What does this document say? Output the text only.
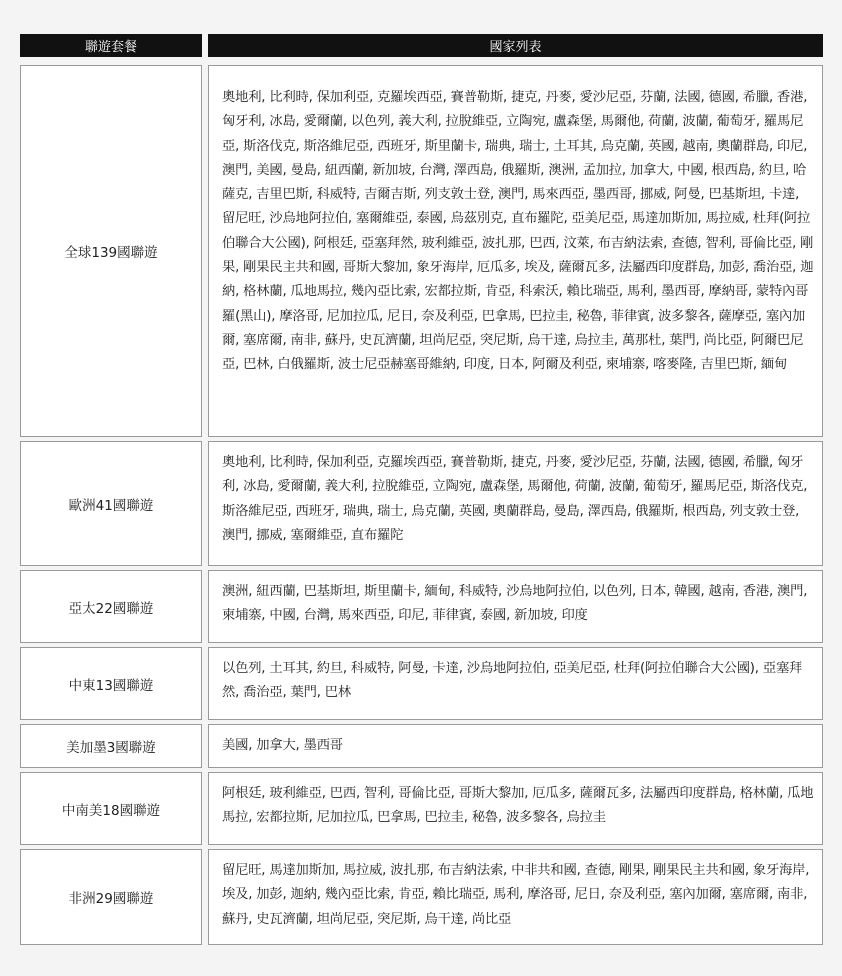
聯遊套餐	國家列表
全球139國聯遊
奧地利, 比利時, 保加利亞, 克羅埃西亞, 賽普勒斯, 捷克, 丹麥, 愛沙尼亞, 芬蘭, 法國, 德國, 希臘, 香港, 匈牙利, 冰島, 愛爾蘭, 以色列, 義大利, 拉脫維亞, 立陶宛, 盧森堡, 馬爾他, 荷蘭, 波蘭, 葡萄牙, 羅馬尼亞, 斯洛伐克, 斯洛維尼亞, 西班牙, 斯里蘭卡, 瑞典, 瑞士, 土耳其, 烏克蘭, 英國, 越南, 奧蘭群島, 印尼, 澳門, 美國, 曼島, 紐西蘭, 新加坡, 台灣, 澤西島, 俄羅斯, 澳洲, 孟加拉, 加拿大, 中國, 根西島, 約旦, 哈薩克, 吉里巴斯, 科威特, 吉爾吉斯, 列支敦士登, 澳門, 馬來西亞, 墨西哥, 挪威, 阿曼, 巴基斯坦, 卡達, 留尼旺, 沙烏地阿拉伯, 塞爾維亞, 泰國, 烏茲別克, 直布羅陀, 亞美尼亞, 馬達加斯加, 馬拉威, 杜拜(阿拉伯聯合大公國), 阿根廷, 亞塞拜然, 玻利維亞, 波扎那, 巴西, 汶萊, 布吉納法索, 查德, 智利, 哥倫比亞, 剛果, 剛果民主共和國, 哥斯大黎加, 象牙海岸, 厄瓜多, 埃及, 薩爾瓦多, 法屬西印度群島, 加彭, 喬治亞, 迦納, 格林蘭, 瓜地馬拉, 幾內亞比索, 宏都拉斯, 肯亞, 科索沃, 賴比瑞亞, 馬利, 墨西哥, 摩納哥, 蒙特內哥羅(黑山), 摩洛哥, 尼加拉瓜, 尼日, 奈及利亞, 巴拿馬, 巴拉圭, 秘魯, 菲律賓, 波多黎各, 薩摩亞, 塞內加爾, 塞席爾, 南非, 蘇丹, 史瓦濟蘭, 坦尚尼亞, 突尼斯, 烏干達, 烏拉圭, 萬那杜, 葉門, 尚比亞, 阿爾巴尼亞, 巴林, 白俄羅斯, 波士尼亞赫塞哥維納, 印度, 日本, 阿爾及利亞, 柬埔寨, 喀麥隆, 吉里巴斯, 緬甸
歐洲41國聯遊
奧地利, 比利時, 保加利亞, 克羅埃西亞, 賽普勒斯, 捷克, 丹麥, 愛沙尼亞, 芬蘭, 法國, 德國, 希臘, 匈牙利, 冰島, 愛爾蘭, 義大利, 拉脫維亞, 立陶宛, 盧森堡, 馬爾他, 荷蘭, 波蘭, 葡萄牙, 羅馬尼亞, 斯洛伐克, 斯洛維尼亞, 西班牙, 瑞典, 瑞士, 烏克蘭, 英國, 奧蘭群島, 曼島, 澤西島, 俄羅斯, 根西島, 列支敦士登, 澳門, 挪威, 塞爾維亞, 直布羅陀
亞太22國聯遊
澳洲, 紐西蘭, 巴基斯坦, 斯里蘭卡, 緬甸, 科威特, 沙烏地阿拉伯, 以色列, 日本, 韓國, 越南, 香港, 澳門, 柬埔寨, 中國, 台灣, 馬來西亞, 印尼, 菲律賓, 泰國, 新加坡, 印度
中東13國聯遊
以色列, 土耳其, 約旦, 科威特, 阿曼, 卡達, 沙烏地阿拉伯, 亞美尼亞, 杜拜(阿拉伯聯合大公國), 亞塞拜然, 喬治亞, 葉門, 巴林
美加墨3國聯遊	美國, 加拿大, 墨西哥
中南美18國聯遊
阿根廷, 玻利維亞, 巴西, 智利, 哥倫比亞, 哥斯大黎加, 厄瓜多, 薩爾瓦多, 法屬西印度群島, 格林蘭, 瓜地馬拉, 宏都拉斯, 尼加拉瓜, 巴拿馬, 巴拉圭, 秘魯, 波多黎各, 烏拉圭
非洲29國聯遊
留尼旺, 馬達加斯加, 馬拉威, 波扎那, 布吉納法索, 中非共和國, 查德, 剛果, 剛果民主共和國, 象牙海岸, 埃及, 加彭, 迦納, 幾內亞比索, 肯亞, 賴比瑞亞, 馬利, 摩洛哥, 尼日, 奈及利亞, 塞內加爾, 塞席爾, 南非, 蘇丹, 史瓦濟蘭, 坦尚尼亞, 突尼斯, 烏干達, 尚比亞
